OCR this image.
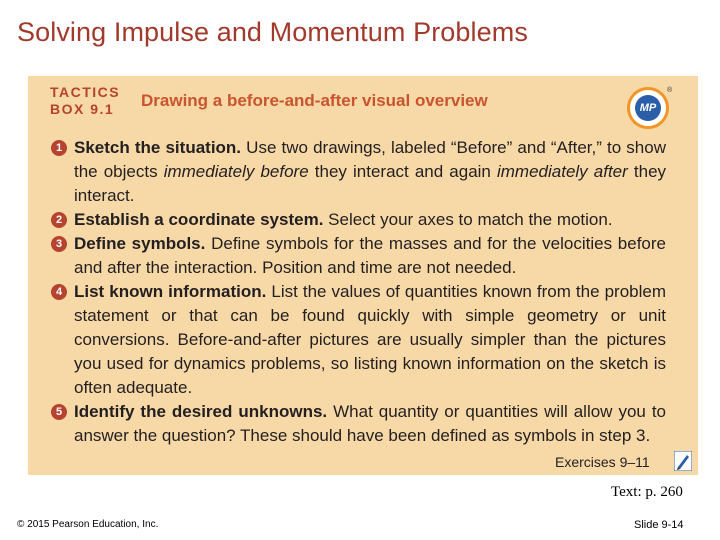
Solving Impulse and Momentum Problems
TACTICS
BOX 9.1	Drawing a before-and-after visual overview	MP
®
1 Sketch the situation. Use two drawings, labeled “Before” and “After,” to show the objects immediately before they interact and again immediately after they interact.
2 Establish a coordinate system. Select your axes to match the motion.
3 Define symbols. Define symbols for the masses and for the velocities before and after the interaction. Position and time are not needed.
4 List known information. List the values of quantities known from the problem statement or that can be found quickly with simple geometry or unit conversions. Before-and-after pictures are usually simpler than the pictures you used for dynamics problems, so listing known information on the sketch is often adequate.
5 Identify the desired unknowns. What quantity or quantities will allow you to answer the question? These should have been defined as symbols in step 3.
Exercises 9–11
Text: p. 260
© 2015 Pearson Education, Inc.	Slide 9-14
